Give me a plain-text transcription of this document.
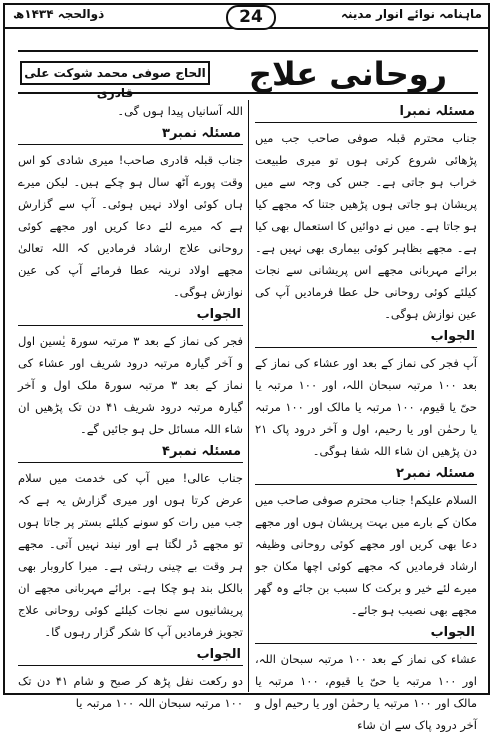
ماہنامہ نوائے انوار مدینہ
ذوالحجہ ۱۴۳۴ھ	24
روحانی علاج
الحاج صوفی محمد شوکت علی قادری
مسئلہ نمبرا

جناب محترم قبلہ صوفی صاحب جب میں پڑھائی شروع کرتی ہوں تو میری طبیعت خراب ہو جاتی ہے۔ جس کی وجہ سے میں پریشان ہو جاتی ہوں پڑھیں جتنا کہ مجھے کیا ہو جاتا ہے۔ میں نے دوائیں کا استعمال بھی کیا ہے۔ مجھے بظاہر کوئی بیماری بھی نہیں ہے۔ برائے مہربانی مجھے اس پریشانی سے نجات کیلئے کوئی روحانی حل عطا فرمادیں آپ کی عین نوازش ہوگی۔

الجواب

آپ فجر کی نماز کے بعد اور عشاء کی نماز کے بعد ۱۰۰ مرتبہ سبحان اللہ، اور ۱۰۰ مرتبہ یا حیّ یا قیوم، ۱۰۰ مرتبہ یا مالک اور ۱۰۰ مرتبہ یا رحمٰن اور یا رحیم، اول و آخر درود پاک ۲۱ دن پڑھیں ان شاء اللہ شفا ہوگی۔

مسئلہ نمبر۲

السلام علیکم! جناب محترم صوفی صاحب میں مکان کے بارے میں بہت پریشان ہوں اور مجھے دعا بھی کریں اور مجھے کوئی روحانی وظیفہ ارشاد فرمادیں کہ مجھے کوئی اچھا مکان جو میرے لئے خیر و برکت کا سبب بن جائے وہ گھر مجھے بھی نصیب ہو جائے۔

الجواب

عشاء کی نماز کے بعد ۱۰۰ مرتبہ سبحان اللہ، اور ۱۰۰ مرتبہ یا حیّ یا قیوم، ۱۰۰ مرتبہ یا مالک اور ۱۰۰ مرتبہ یا رحمٰن اور یا رحیم اول و آخر درود پاک سے ان شاء

اللہ آسانیاں پیدا ہوں گی۔

مسئلہ نمبر۳

جناب قبلہ قادری صاحب! میری شادی کو اس وقت پورے آٹھ سال ہو چکے ہیں۔ لیکن میرے ہاں کوئی اولاد نہیں ہوئی۔ آپ سے گزارش ہے کہ میرے لئے دعا کریں اور مجھے کوئی روحانی علاج ارشاد فرمادیں کہ اللہ تعالیٰ مجھے اولاد نرینہ عطا فرمائے آپ کی عین نوازش ہوگی۔

الجواب

فجر کی نماز کے بعد ۳ مرتبہ سورۃ یٰسین اول و آخر گیارہ مرتبہ درود شریف اور عشاء کی نماز کے بعد ۳ مرتبہ سورۃ ملک اول و آخر گیارہ مرتبہ درود شریف ۴۱ دن تک پڑھیں ان شاء اللہ مسائل حل ہو جائیں گے۔

مسئلہ نمبر۴

جناب عالی! میں آپ کی خدمت میں سلام عرض کرتا ہوں اور میری گزارش یہ ہے کہ جب میں رات کو سونے کیلئے بستر پر جاتا ہوں تو مجھے ڈر لگتا ہے اور نیند نہیں آتی۔ مجھے ہر وقت بے چینی رہتی ہے۔ میرا کاروبار بھی بالکل بند ہو چکا ہے۔ برائے مہربانی مجھے ان پریشانیوں سے نجات کیلئے کوئی روحانی علاج تجویز فرمادیں آپ کا شکر گزار رہوں گا۔

الجواب

دو رکعت نفل پڑھ کر صبح و شام ۴۱ دن تک ۱۰۰ مرتبہ سبحان اللہ ۱۰۰ مرتبہ یا
